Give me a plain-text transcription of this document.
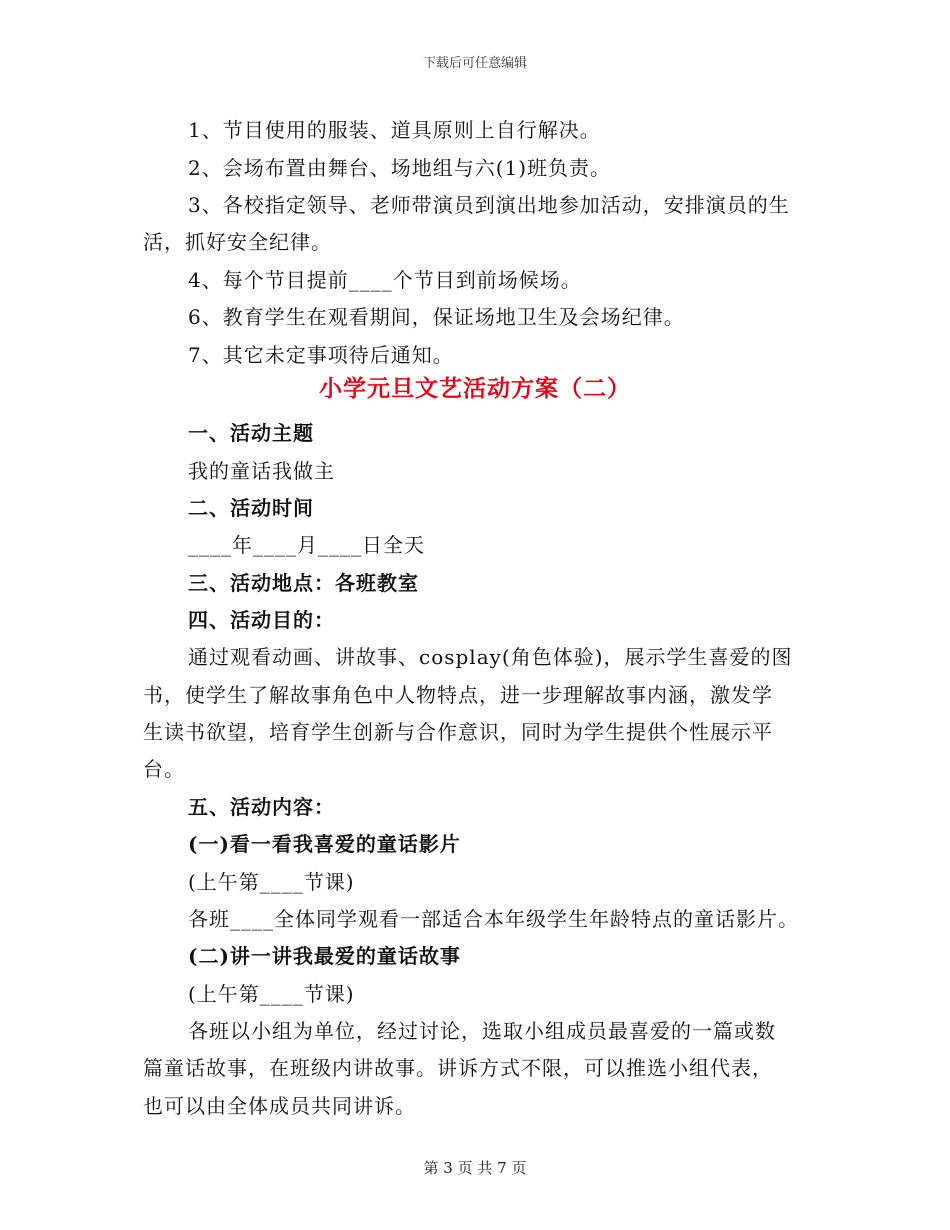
下载后可任意编辑
1、节目使用的服装、道具原则上自行解决。
2、会场布置由舞台、场地组与六(1)班负责。
3、各校指定领导、老师带演员到演出地参加活动，安排演员的生
活，抓好安全纪律。
4、每个节目提前____个节目到前场候场。
6、教育学生在观看期间，保证场地卫生及会场纪律。
7、其它未定事项待后通知。
小学元旦文艺活动方案（二）
一、活动主题
我的童话我做主
二、活动时间
____年____月____日全天
三、活动地点：各班教室
四、活动目的：
通过观看动画、讲故事、cosplay(角色体验)，展示学生喜爱的图
书，使学生了解故事角色中人物特点，进一步理解故事内涵，激发学
生读书欲望，培育学生创新与合作意识，同时为学生提供个性展示平
台。
五、活动内容：
(一)看一看我喜爱的童话影片
(上午第____节课)
各班____全体同学观看一部适合本年级学生年龄特点的童话影片。
(二)讲一讲我最爱的童话故事
(上午第____节课)
各班以小组为单位，经过讨论，选取小组成员最喜爱的一篇或数
篇童话故事，在班级内讲故事。讲诉方式不限，可以推选小组代表，
也可以由全体成员共同讲诉。
第 3 页 共 7 页
